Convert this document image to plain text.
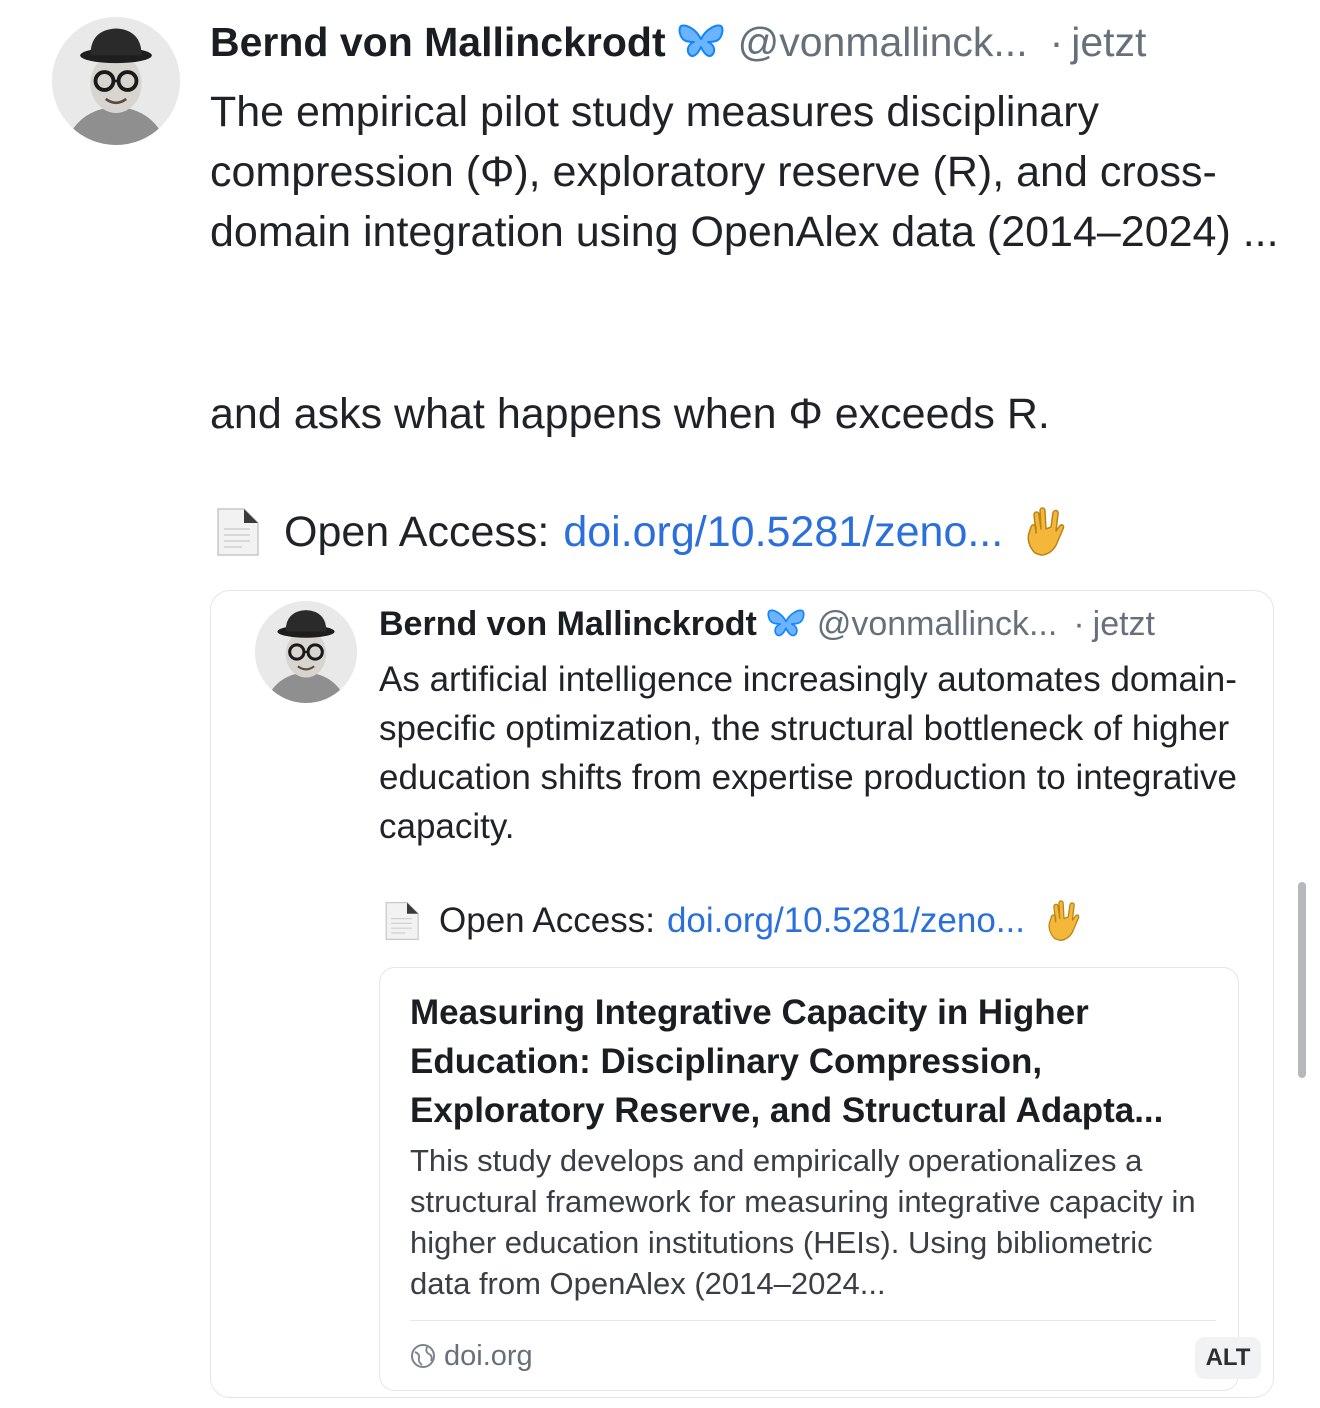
Bernd von Mallinckrodt @vonmallinck... · jetzt

The empirical pilot study measures disciplinary compression (Φ), exploratory reserve (R), and cross-domain integration using OpenAlex data (2014–2024) ...

and asks what happens when Φ exceeds R.
Open Access: doi.org/10.5281/zeno...
Bernd von Mallinckrodt @vonmallinck... · jetzt
As artificial intelligence increasingly automates domain-specific optimization, the structural bottleneck of higher education shifts from expertise production to integrative capacity.
Open Access: doi.org/10.5281/zeno...
Measuring Integrative Capacity in Higher Education: Disciplinary Compression, Exploratory Reserve, and Structural Adapta...
This study develops and empirically operationalizes a structural framework for measuring integrative capacity in higher education institutions (HEIs). Using bibliometric data from OpenAlex (2014–2024...
doi.org	ALT
